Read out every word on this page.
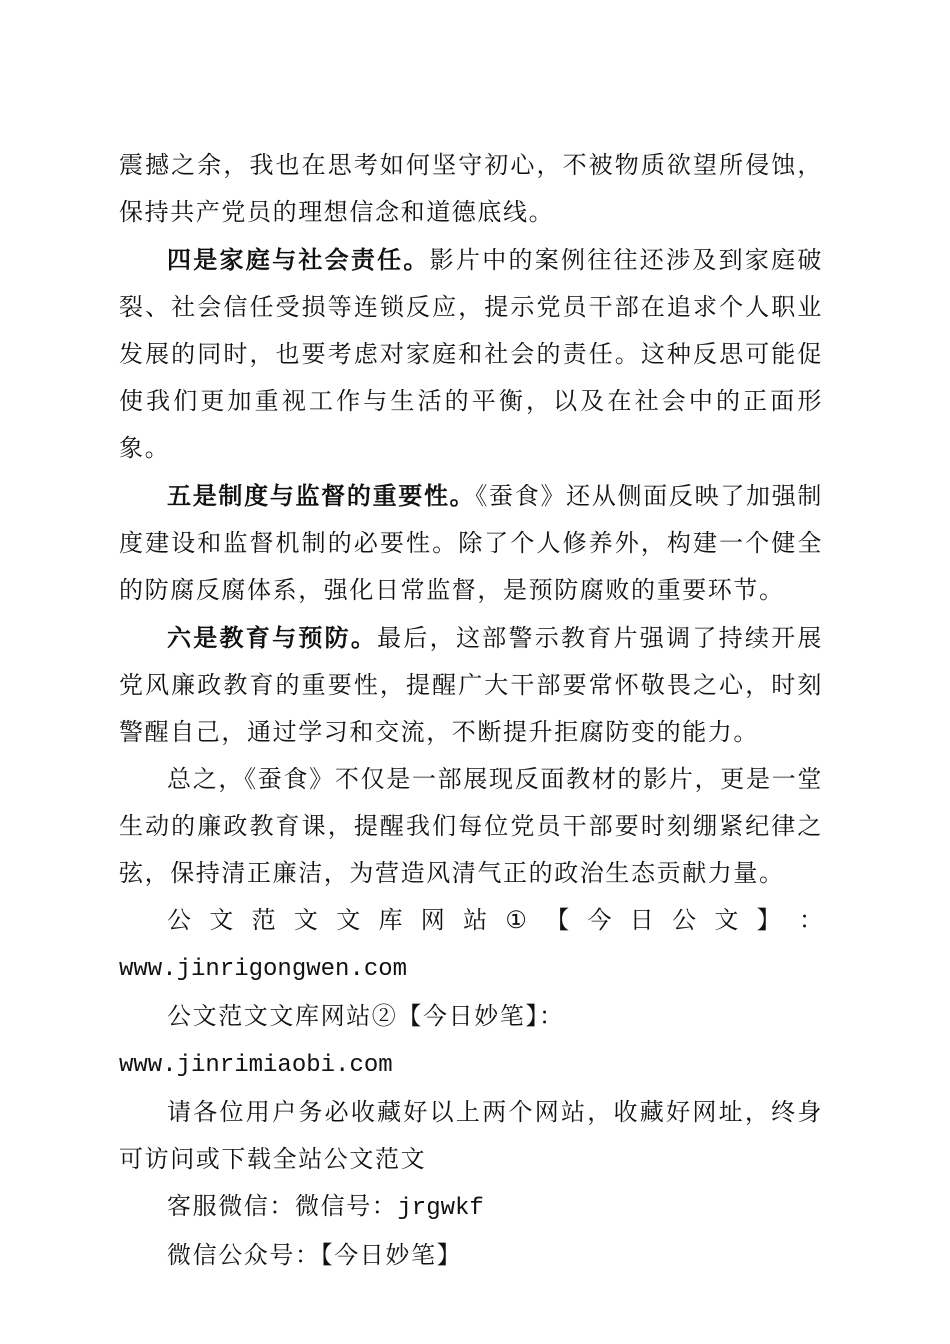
震撼之余，我也在思考如何坚守初心，不被物质欲望所侵蚀，保持共产党员的理想信念和道德底线。

四是家庭与社会责任。影片中的案例往往还涉及到家庭破裂、社会信任受损等连锁反应，提示党员干部在追求个人职业发展的同时，也要考虑对家庭和社会的责任。这种反思可能促使我们更加重视工作与生活的平衡，以及在社会中的正面形象。

五是制度与监督的重要性。《蚕食》还从侧面反映了加强制度建设和监督机制的必要性。除了个人修养外，构建一个健全的防腐反腐体系，强化日常监督，是预防腐败的重要环节。

六是教育与预防。最后，这部警示教育片强调了持续开展党风廉政教育的重要性，提醒广大干部要常怀敬畏之心，时刻警醒自己，通过学习和交流，不断提升拒腐防变的能力。

总之，《蚕食》不仅是一部展现反面教材的影片，更是一堂生动的廉政教育课，提醒我们每位党员干部要时刻绷紧纪律之弦，保持清正廉洁，为营造风清气正的政治生态贡献力量。

公 文 范 文 文 库 网 站 ① 【 今 日 公 文 】 ：

www.jinrigongwen.com

公文范文文库网站②【今日妙笔】：www.jinrimiaobi.com

请各位用户务必收藏好以上两个网站，收藏好网址，终身可访问或下载全站公文范文

客服微信：微信号：jrgwkf

微信公众号：【今日妙笔】
